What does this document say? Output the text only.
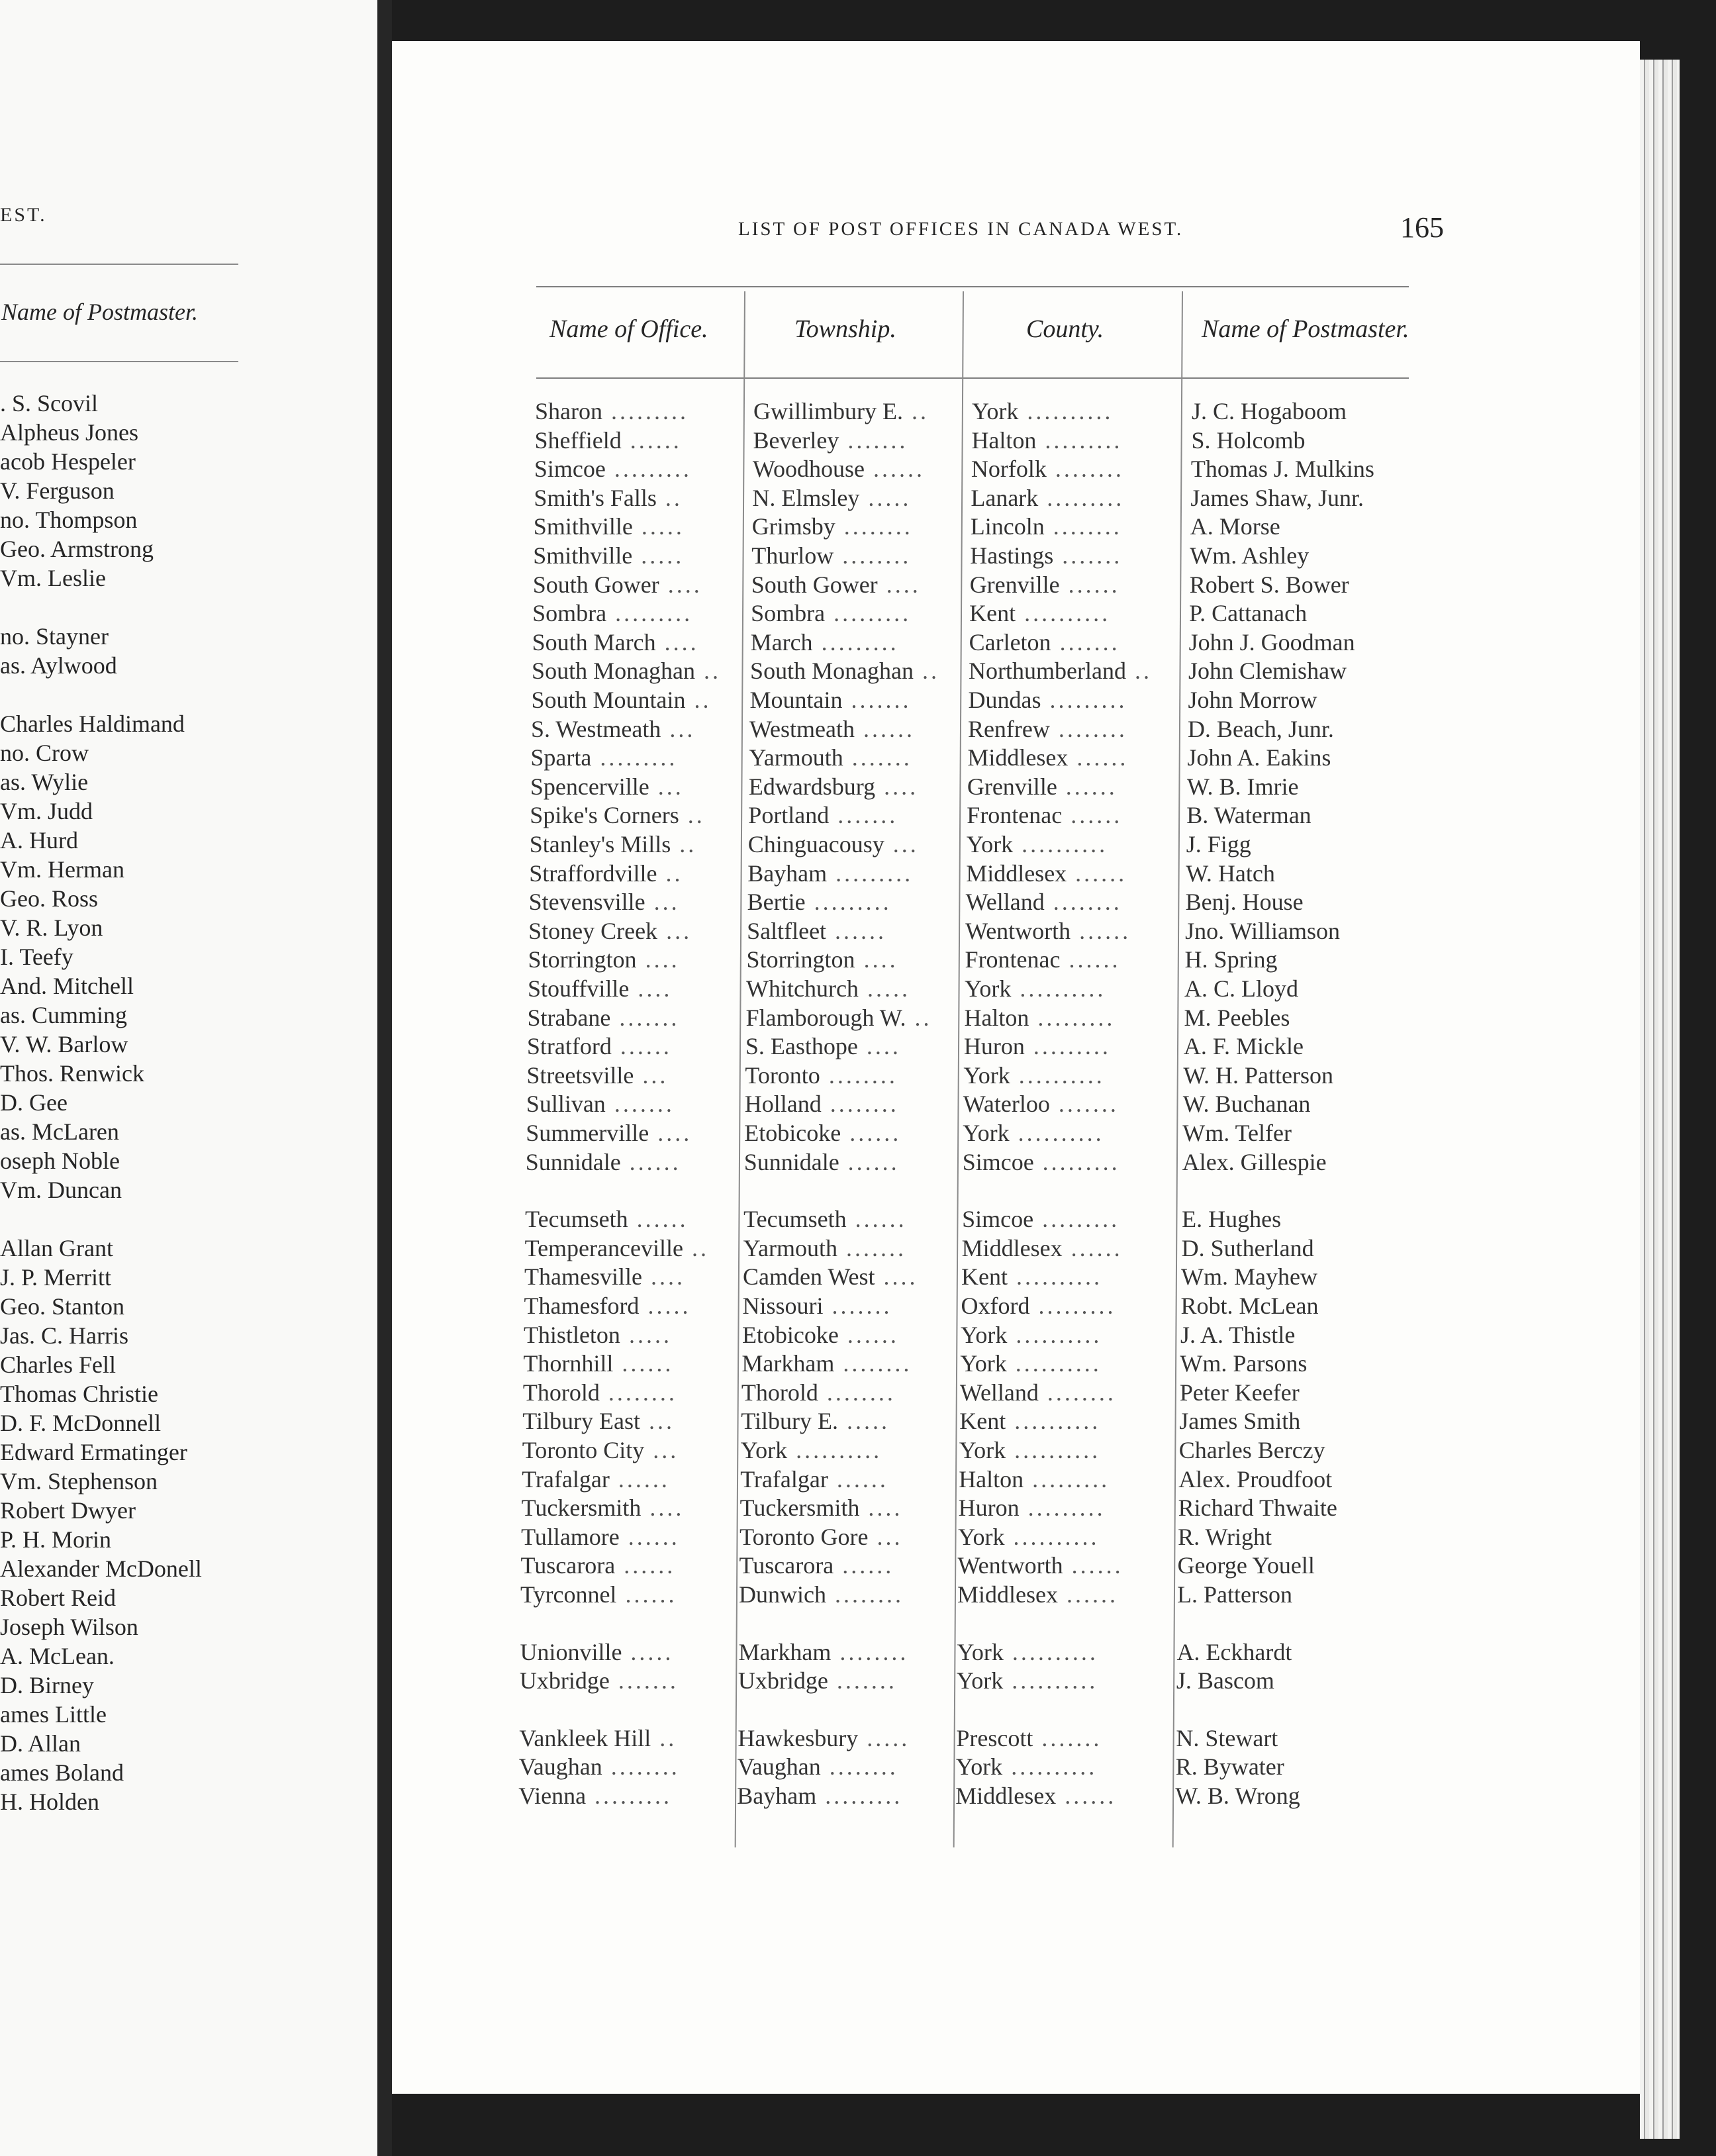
EST.
Name of Postmaster.
. S. Scovil
Alpheus Jones
acob Hespeler
V. Ferguson
no. Thompson
Geo. Armstrong
Vm. Leslie
no. Stayner
as. Aylwood
Charles Haldimand
no. Crow
as. Wylie
Vm. Judd
A. Hurd
Vm. Herman
Geo. Ross
V. R. Lyon
I. Teefy
And. Mitchell
as. Cumming
V. W. Barlow
Thos. Renwick
D. Gee
as. McLaren
oseph Noble
Vm. Duncan
Allan Grant
J. P. Merritt
Geo. Stanton
Jas. C. Harris
Charles Fell
Thomas Christie
D. F. McDonnell
Edward Ermatinger
Vm. Stephenson
Robert Dwyer
P. H. Morin
Alexander McDonell
Robert Reid
Joseph Wilson
A. McLean.
D. Birney
ames Little
D. Allan
ames Boland
H. Holden
LIST OF POST OFFICES IN CANADA WEST.	165
Name of Office.	Township.	County.	Name of Postmaster.
Sharon .........	Gwillimbury E. .. York ..........	J. C. Hogaboom
Sheffield ......	Beverley .......	Halton .........	S. Holcomb
Simcoe .........	Woodhouse ...... Norfolk ........	Thomas J. Mulkins
Smith's Falls ..	N. Elmsley .....	Lanark .........	James Shaw, Junr.
Smithville .....	Grimsby ........ Lincoln ........	A. Morse
Smithville .....	Thurlow ........ Hastings .......	Wm. Ashley
South Gower .... South Gower .... Grenville ......	Robert S. Bower
Sombra ......... Sombra ......... Kent ..........	P. Cattanach
South March .... March .........	Carleton .......	John J. Goodman
South Monaghan .. South Monaghan .. Northumberland .. John Clemishaw
South Mountain .. Mountain ....... Dundas .........	John Morrow
S. Westmeath ... Westmeath ...... Renfrew ........	D. Beach, Junr.
Sparta .........	Yarmouth ....... Middlesex ...... John A. Eakins
Spencerville ...	Edwardsburg .... Grenville ......	W. B. Imrie
Spike's Corners .. Portland .......	Frontenac ......	B. Waterman
Stanley's Mills .. Chinguacousy ... York ..........	J. Figg
Straffordville ..	Bayham ......... Middlesex ...... W. Hatch
Stevensville ...	Bertie .........	Welland ........	Benj. House
Stoney Creek ... Saltfleet ......	Wentworth ...... Jno. Williamson
Storrington ....	Storrington ....	Frontenac ......	H. Spring
Stouffville ....	Whitchurch ..... York ..........	A. C. Lloyd
Strabane .......	Flamborough W. .. Halton .........	M. Peebles
Stratford ......	S. Easthope ....	Huron .........	A. F. Mickle
Streetsville ...	Toronto ........	York ..........	W. H. Patterson
Sullivan .......	Holland ........	Waterloo .......	W. Buchanan
Summerville .... Etobicoke ......	York ..........	Wm. Telfer
Sunnidale ......	Sunnidale ......	Simcoe .........	Alex. Gillespie
Tecumseth ...... Tecumseth ...... Simcoe .........	E. Hughes
Temperanceville .. Yarmouth ....... Middlesex ...... D. Sutherland
Thamesville .... Camden West .... Kent ..........	Wm. Mayhew
Thamesford ..... Nissouri .......	Oxford .........	Robt. McLean
Thistleton .....	Etobicoke ......	York ..........	J. A. Thistle
Thornhill ......	Markham ........ York ..........	Wm. Parsons
Thorold ........	Thorold ........	Welland ........	Peter Keefer
Tilbury East ...	Tilbury E. .....	Kent ..........	James Smith
Toronto City ...	York ..........	York ..........	Charles Berczy
Trafalgar ......	Trafalgar ......	Halton .........	Alex. Proudfoot
Tuckersmith .... Tuckersmith .... Huron .........	Richard Thwaite
Tullamore ......	Toronto Gore ... York ..........	R. Wright
Tuscarora ......	Tuscarora ......	Wentworth ...... George Youell
Tyrconnel ......	Dunwich ........ Middlesex ...... L. Patterson
Unionville .....	Markham ........ York ..........	A. Eckhardt
Uxbridge .......	Uxbridge .......	York ..........	J. Bascom
Vankleek Hill ..	Hawkesbury ..... Prescott .......	N. Stewart
Vaughan ........ Vaughan ........ York ..........	R. Bywater
Vienna .........	Bayham ......... Middlesex ...... W. B. Wrong
